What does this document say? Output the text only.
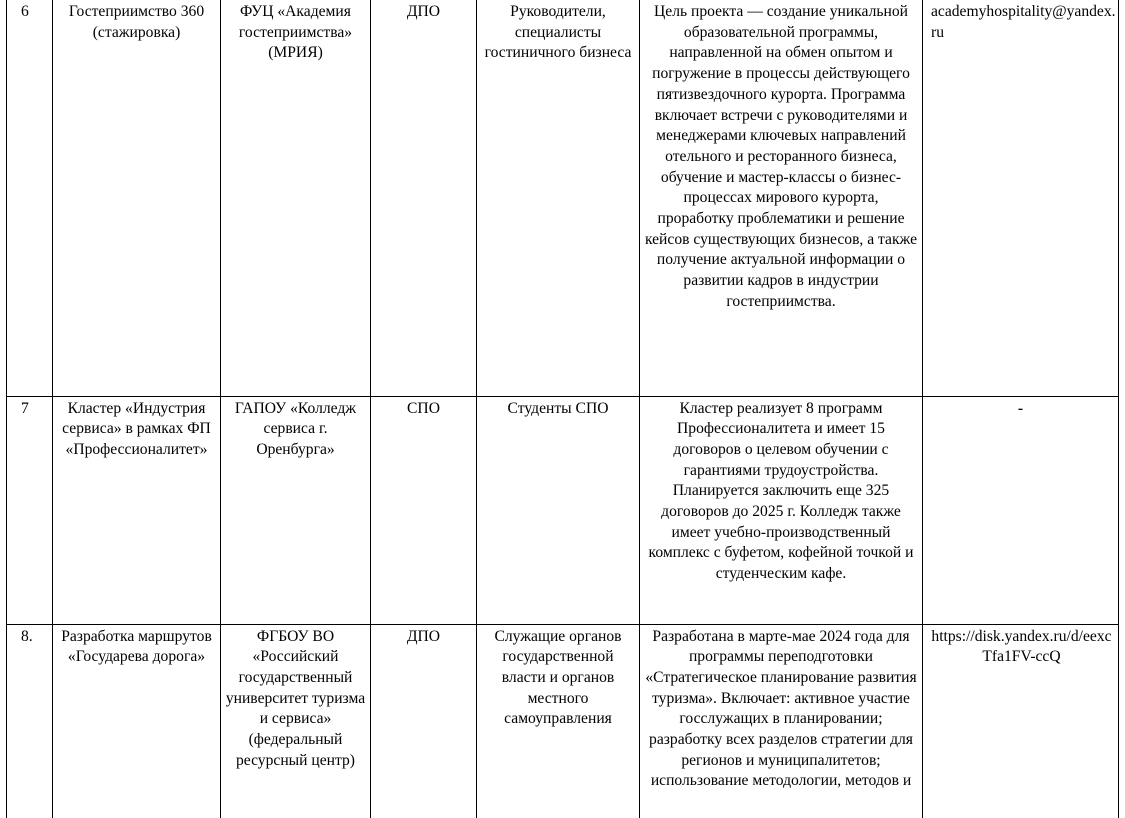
6	Гостеприимство 360 (стажировка)	ФУЦ «Академия гостеприимства» (МРИЯ)	ДПО	Руководители, специалисты гостиничного бизнеса	Цель проекта — создание уникальной образовательной программы, направленной на обмен опытом и погружение в процессы действующего пятизвездочного курорта. Программа включает встречи с руководителями и менеджерами ключевых направлений отельного и ресторанного бизнеса, обучение и мастер-классы о бизнес-процессах мирового курорта, проработку проблематики и решение кейсов существующих бизнесов, а также получение актуальной информации о развитии кадров в индустрии гостеприимства.	academyhospitality@yandex.ru

7	Кластер «Индустрия сервиса» в рамках ФП «Профессионалитет»	ГАПОУ «Колледж сервиса г. Оренбурга»	СПО	Студенты СПО	Кластер реализует 8 программ Профессионалитета и имеет 15 договоров о целевом обучении с гарантиями трудоустройства. Планируется заключить еще 325 договоров до 2025 г. Колледж также имеет учебно-производственный комплекс с буфетом, кофейной точкой и студенческим кафе.	-

8.	Разработка маршрутов «Государева дорога»	ФГБОУ ВО «Российский государственный университет туризма и сервиса» (федеральный ресурсный центр)	ДПО	Служащие органов государственной власти и органов местного самоуправления	Разработана в марте-мае 2024 года для программы переподготовки «Стратегическое планирование развития туризма». Включает: активное участие госслужащих в планировании; разработку всех разделов стратегии для регионов и муниципалитетов; использование методологии, методов и	https://disk.yandex.ru/d/eexcTfa1FV-ccQ
